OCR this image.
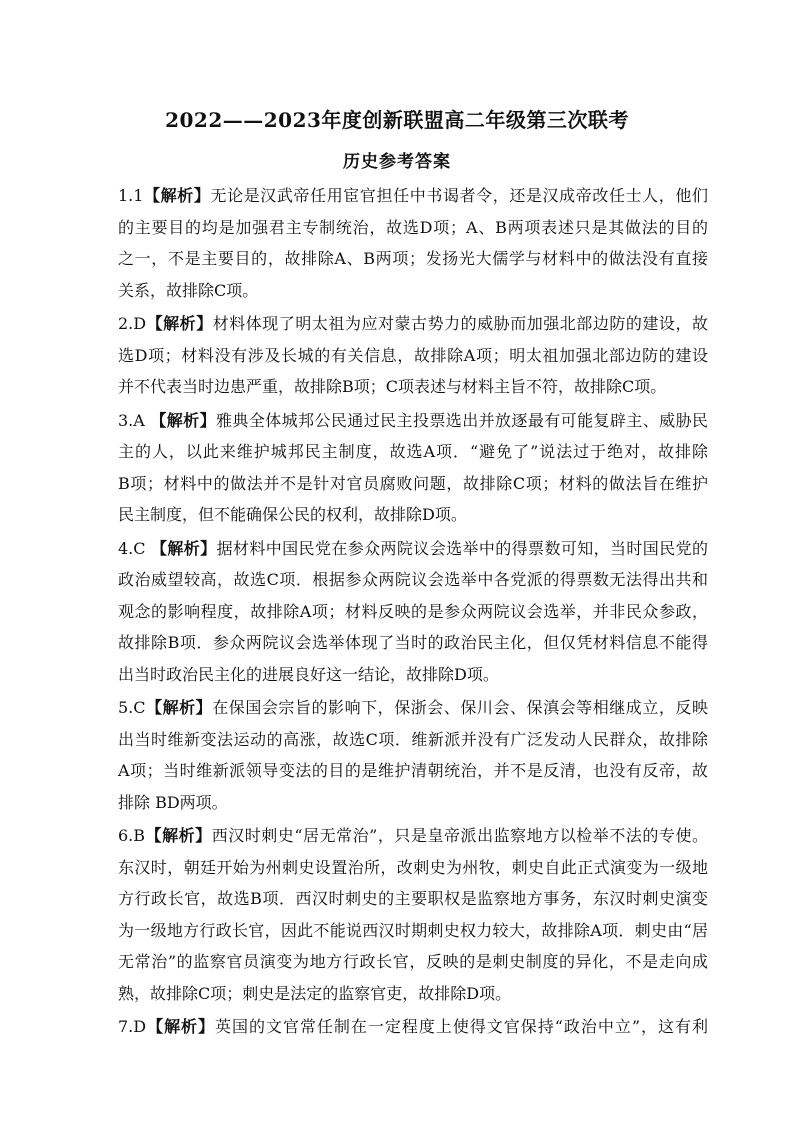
2022——2023年度创新联盟高二年级第三次联考
历史参考答案
1.1【解析】无论是汉武帝任用宦官担任中书谒者令，还是汉成帝改任士人，他们
的主要目的均是加强君主专制统治，故选D项；A、B两项表述只是其做法的目的
之一，不是主要目的，故排除A、B两项；发扬光大儒学与材料中的做法没有直接
关系，故排除C项。
2.D【解析】材料体现了明太祖为应对蒙古势力的威胁而加强北部边防的建设，故
选D项；材料没有涉及长城的有关信息，故排除A项；明太祖加强北部边防的建设
并不代表当时边患严重，故排除B项；C项表述与材料主旨不符，故排除C项。
3.A 【解析】雅典全体城邦公民通过民主投票选出并放逐最有可能复辟主、威胁民
主的人，以此来维护城邦民主制度，故选A项．“避免了”说法过于绝对，故排除
B项；材料中的做法并不是针对官员腐败问题，故排除C项；材料的做法旨在维护
民主制度，但不能确保公民的权利，故排除D项。
4.C 【解析】据材料中国民党在参众两院议会选举中的得票数可知，当时国民党的
政治威望较高，故选C项．根据参众两院议会选举中各党派的得票数无法得出共和
观念的影响程度，故排除A项；材料反映的是参众两院议会选举，并非民众参政，
故排除B项．参众两院议会选举体现了当时的政治民主化，但仅凭材料信息不能得
出当时政治民主化的进展良好这一结论，故排除D项。
5.C【解析】在保国会宗旨的影响下，保浙会、保川会、保滇会等相继成立，反映
出当时维新变法运动的高涨，故选C项．维新派并没有广泛发动人民群众，故排除
A项；当时维新派领导变法的目的是维护清朝统治，并不是反清，也没有反帝，故
排除 BD两项。
6.B【解析】西汉时刺史“居无常治”，只是皇帝派出监察地方以检举不法的专使。
东汉时，朝廷开始为州刺史设置治所，改刺史为州牧，刺史自此正式演变为一级地
方行政长官，故选B项．西汉时刺史的主要职权是监察地方事务，东汉时刺史演变
为一级地方行政长官，因此不能说西汉时期刺史权力较大，故排除A项．刺史由“居
无常治”的监察官员演变为地方行政长官，反映的是刺史制度的异化，不是走向成
熟，故排除C项；刺史是法定的监察官吏，故排除D项。
7.D【解析】英国的文官常任制在一定程度上使得文官保持“政治中立”，这有利
